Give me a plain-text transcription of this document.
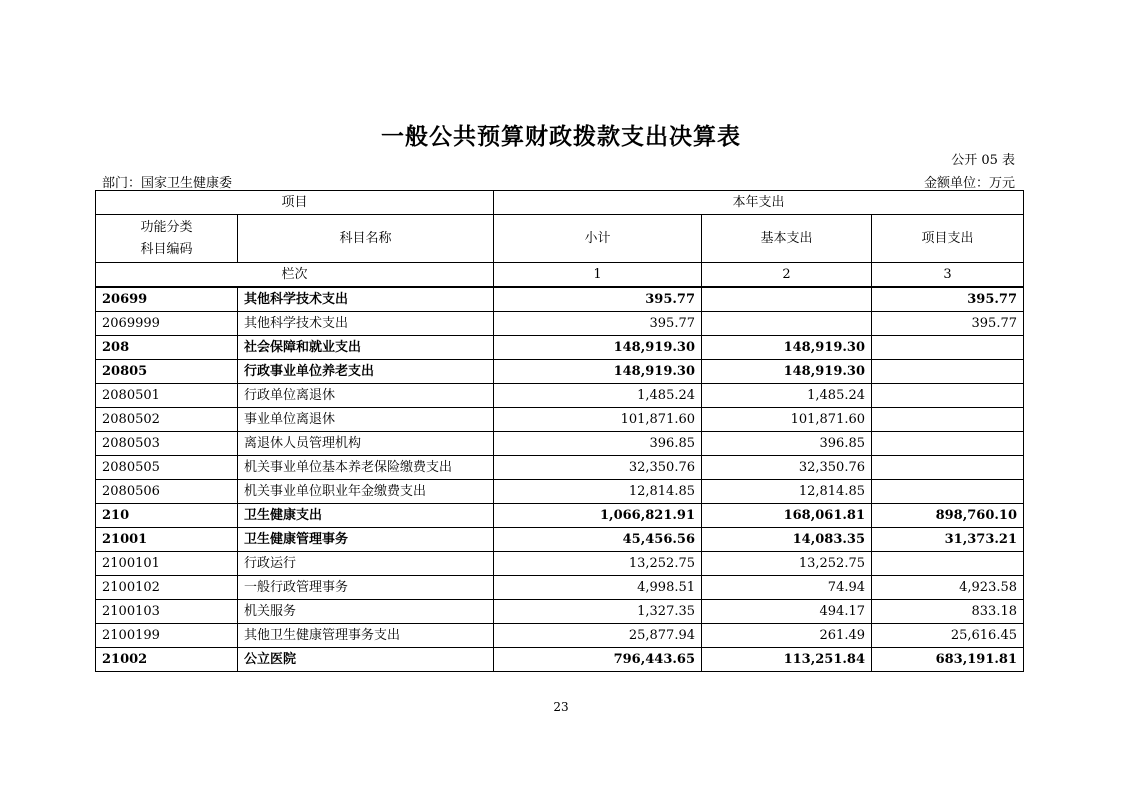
一般公共预算财政拨款支出决算表
公开 05 表
部门：国家卫生健康委	金额单位：万元
项目		本年支出		

功能分类
科目编码	科目名称	小计	基本支出	项目支出
栏次		1	2	3
20699	其他科学技术支出	395.77		395.77
2069999	其他科学技术支出	395.77		395.77
208	社会保障和就业支出	148,919.30	148,919.30	
20805	行政事业单位养老支出	148,919.30	148,919.30	
2080501	行政单位离退休	1,485.24	1,485.24	
2080502	事业单位离退休	101,871.60	101,871.60	
2080503	离退休人员管理机构	396.85	396.85	
2080505	机关事业单位基本养老保险缴费支出	32,350.76	32,350.76	
2080506	机关事业单位职业年金缴费支出	12,814.85	12,814.85	
210	卫生健康支出	1,066,821.91	168,061.81	898,760.10
21001	卫生健康管理事务	45,456.56	14,083.35	31,373.21
2100101	行政运行	13,252.75	13,252.75	
2100102	一般行政管理事务	4,998.51	74.94	4,923.58
2100103	机关服务	1,327.35	494.17	833.18
2100199	其他卫生健康管理事务支出	25,877.94	261.49	25,616.45
21002	公立医院	796,443.65	113,251.84	683,191.81
23
